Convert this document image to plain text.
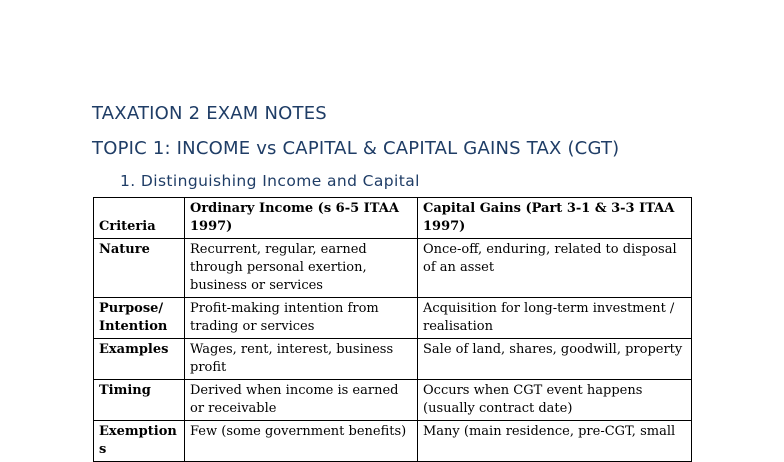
TAXATION 2 EXAM NOTES
TOPIC 1: INCOME vs CAPITAL & CAPITAL GAINS TAX (CGT)
1. Distinguishing Income and Capital
Criteria	Ordinary Income (s 6-5 ITAA 1997)	Capital Gains (Part 3-1 & 3-3 ITAA 1997)
Nature	Recurrent, regular, earned through personal exertion, business or services	Once-off, enduring, related to disposal of an asset
Purpose/ Intention	Profit-making intention from trading or services	Acquisition for long-term investment / realisation
Examples	Wages, rent, interest, business profit	Sale of land, shares, goodwill, property
Timing	Derived when income is earned or receivable	Occurs when CGT event happens (usually contract date)
Exemptions	Few (some government benefits)	Many (main residence, pre-CGT, small
